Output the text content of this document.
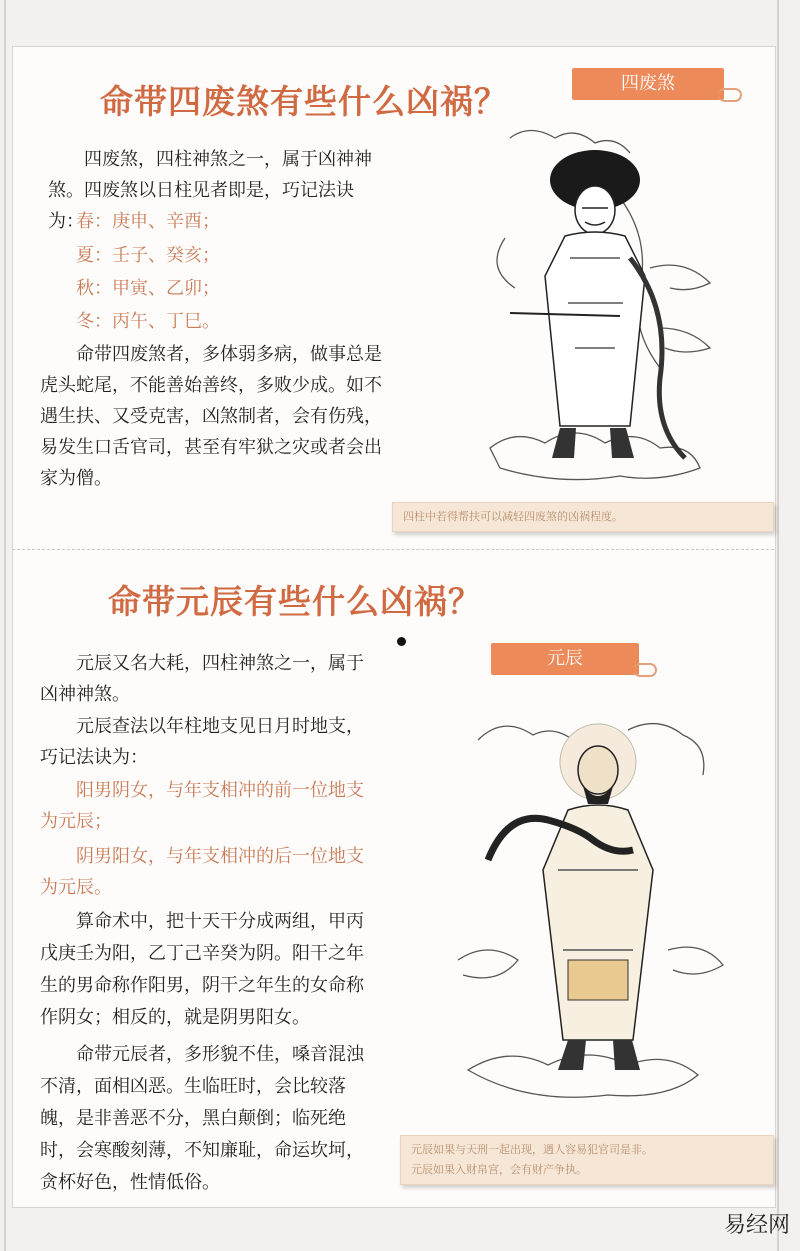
命带四废煞有些什么凶祸？	四废煞

四废煞，四柱神煞之一，属于凶神神煞。 四废煞以日柱见者即是，巧记法诀为：

春：庚申、辛酉；

夏：壬子、癸亥；

秋：甲寅、乙卯；

冬：丙午、丁巳。

命带四废煞者，多体弱多病，做事总是虎头蛇尾，不能善始善终，多败少成。如不遇生扶、又受克害，凶煞制者，会有伤残，易发生口舌官司，甚至有牢狱之灾或者会出家为僧。

四柱中若得帮扶可以减轻四废煞的凶祸程度。
命带元辰有些什么凶祸？
元辰

元辰又名大耗，四柱神煞之一，属于凶神神煞。

元辰查法以年柱地支见日月时地支，巧记法诀为：

阳男阴女，与年支相冲的前一位地支为元辰；

阴男阳女，与年支相冲的后一位地支为元辰。

算命术中，把十天干分成两组，甲丙戊庚壬为阳，乙丁己辛癸为阴。阳干之年生的男命称作阳男，阴干之年生的女命称作阴女；相反的，就是阴男阳女。

命带元辰者，多形貌不佳，嗓音混浊不清，面相凶恶。生临旺时，会比较落魄，是非善恶不分，黑白颠倒；临死绝时，会寒酸刻薄，不知廉耻，命运坎坷，贪杯好色，性情低俗。

元辰如果与天刑一起出现，遇人容易犯官司是非。
元辰如果入财帛宫，会有财产争执。
易经网
